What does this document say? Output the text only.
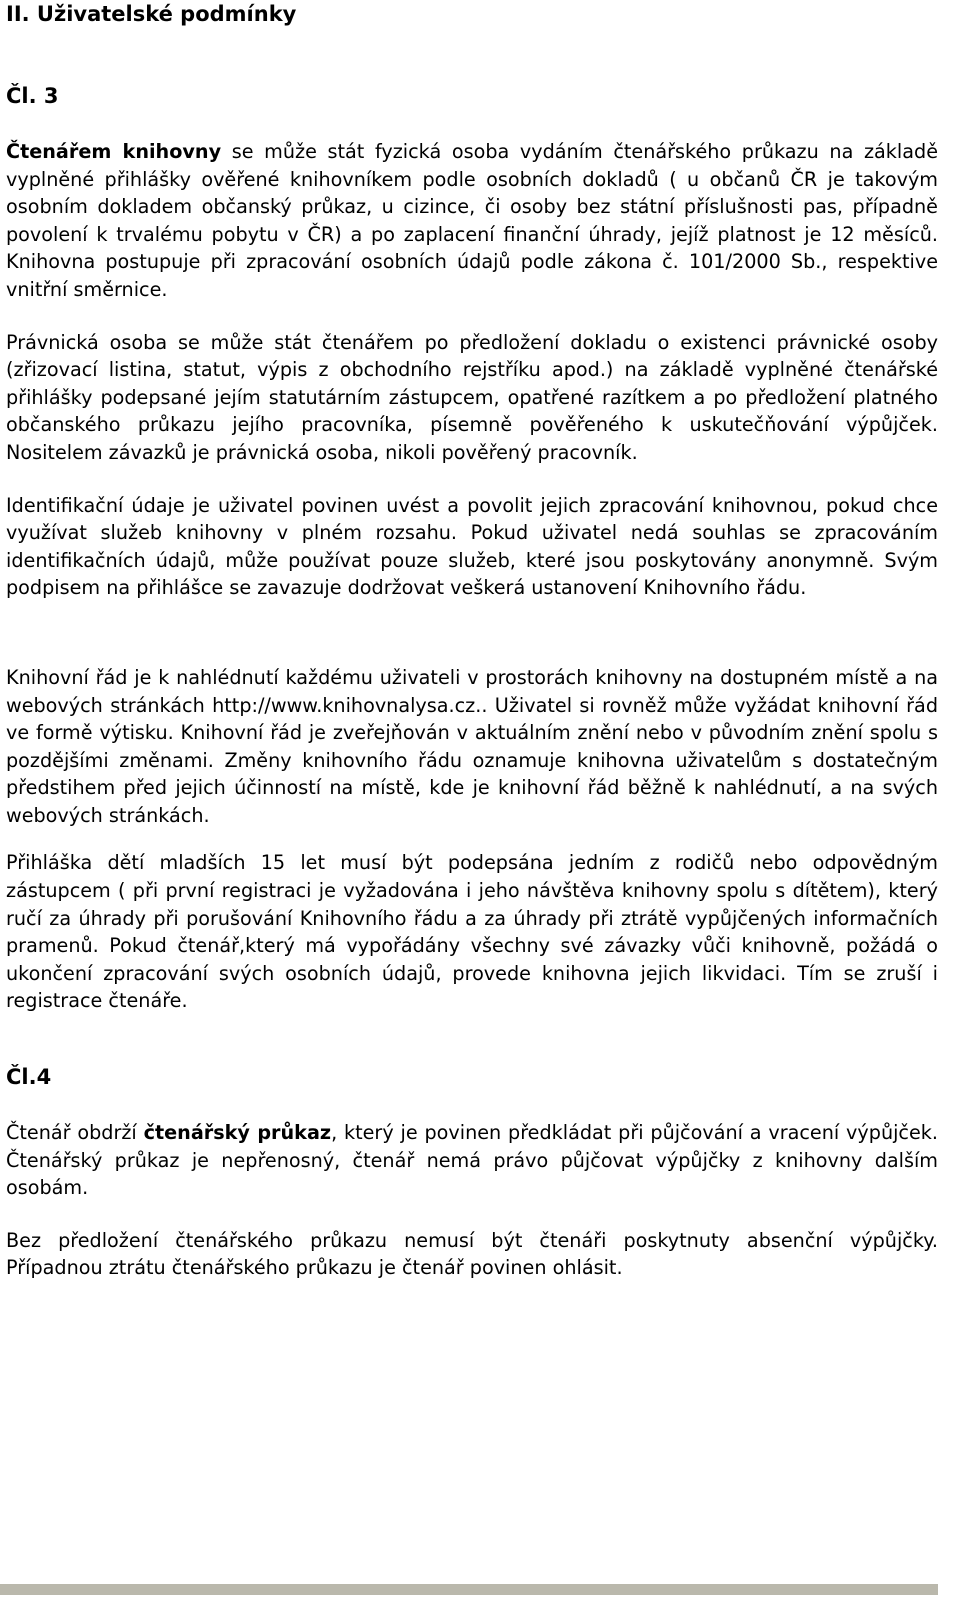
II. Uživatelské podmínky
Čl. 3

Čtenářem knihovny se může stát fyzická osoba vydáním čtenářského průkazu na základě vyplněné přihlášky ověřené knihovníkem podle osobních dokladů ( u občanů ČR je takovým osobním dokladem občanský průkaz, u cizince, či osoby bez státní příslušnosti pas, případně povolení k trvalému pobytu v ČR) a po zaplacení finanční úhrady, jejíž platnost je 12 měsíců. Knihovna postupuje při zpracování osobních údajů podle zákona č. 101/2000 Sb., respektive vnitřní směrnice.

Právnická osoba se může stát čtenářem po předložení dokladu o existenci právnické osoby (zřizovací listina, statut, výpis z obchodního rejstříku apod.) na základě vyplněné čtenářské přihlášky podepsané jejím statutárním zástupcem, opatřené razítkem a po předložení platného občanského průkazu jejího pracovníka, písemně pověřeného k uskutečňování výpůjček. Nositelem závazků je právnická osoba, nikoli pověřený pracovník.

Identifikační údaje je uživatel povinen uvést a povolit jejich zpracování knihovnou, pokud chce využívat služeb knihovny v plném rozsahu. Pokud uživatel nedá souhlas se zpracováním identifikačních údajů, může používat pouze služeb, které jsou poskytovány anonymně. Svým podpisem na přihlášce se zavazuje dodržovat veškerá ustanovení Knihovního řádu.

Knihovní řád je k nahlédnutí každému uživateli v prostorách knihovny na dostupném místě a na webových stránkách http://www.knihovnalysa.cz.. Uživatel si rovněž může vyžádat knihovní řád ve formě výtisku. Knihovní řád je zveřejňován v aktuálním znění nebo v původním znění spolu s pozdějšími změnami. Změny knihovního řádu oznamuje knihovna uživatelům s dostatečným předstihem před jejich účinností na místě, kde je knihovní řád běžně k nahlédnutí, a na svých webových stránkách.

Přihláška dětí mladších 15 let musí být podepsána jedním z rodičů nebo odpovědným zástupcem ( při první registraci je vyžadována i jeho návštěva knihovny spolu s dítětem), který ručí za úhrady při porušování Knihovního řádu a za úhrady při ztrátě vypůjčených informačních pramenů. Pokud čtenář,který má vypořádány všechny své závazky vůči knihovně, požádá o ukončení zpracování svých osobních údajů, provede knihovna jejich likvidaci. Tím se zruší i registrace čtenáře.

Čl.4

Čtenář obdrží čtenářský průkaz, který je povinen předkládat při půjčování a vracení výpůjček. Čtenářský průkaz je nepřenosný, čtenář nemá právo půjčovat výpůjčky z knihovny dalším osobám.

Bez předložení čtenářského průkazu nemusí být čtenáři poskytnuty absenční výpůjčky. Případnou ztrátu čtenářského průkazu je čtenář povinen ohlásit.
